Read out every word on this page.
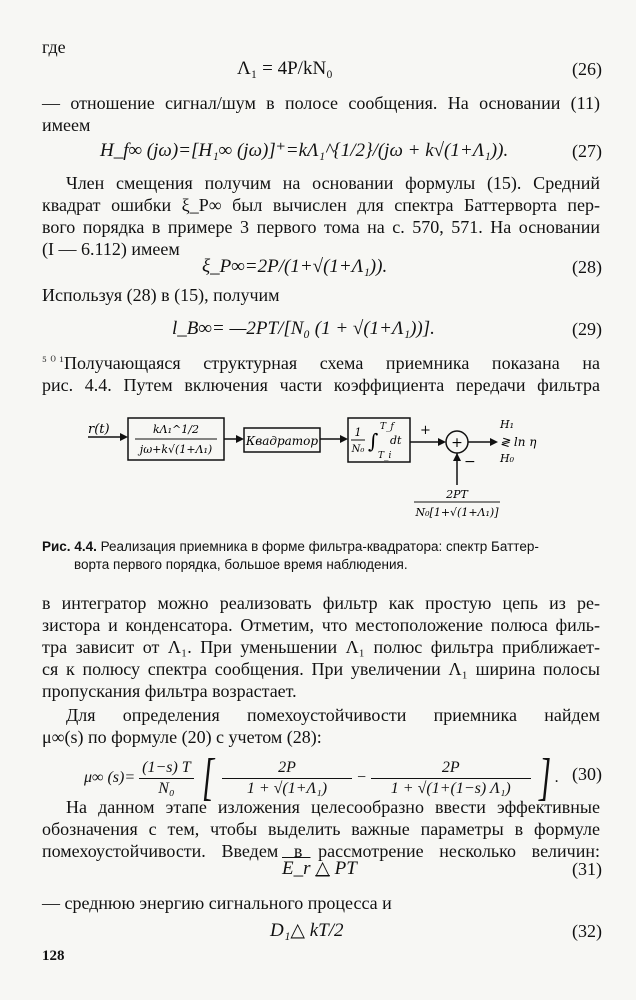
где
Λ₁ = 4P/kN₀	(26)
— отношение сигнал/шум в полосе сообщения. На основании (11)
имеем
H_f∞ (jω)=[H₁∞ (jω)]⁺=kΛ₁^{1/2}/(jω + k√(1+Λ₁)).	(27)
Член смещения получим на основании формулы (15). Средний
квадрат ошибки ξ_P∞ был вычислен для спектра Баттерворта пер-
вого порядка в примере 3 первого тома на с. 570, 571. На основании
(I — 6.112) имеем
ξ_P∞=2P/(1+√(1+Λ₁)).	(28)
Используя (28) в (15), получим
l_B∞= —2PT/[N₀ (1 + √(1+Λ₁))].	(29)
⁵ ⁰ ¹ Получающаяся структурная схема приемника показана на
рис. 4.4. Путем включения части коэффициента передачи фильтра
r(t)	kΛ₁^1/2
jω+k√(1+Λ₁)
Квадратор
1
N₀ ∫
T_f
T_i
dt
+
+
−
2PT
N₀[1+√(1+Λ₁)]
H₁
≷ ln η
H₀
Рис. 4.4. Реализация приемника в форме фильтра-квадратора: спектр Баттер-
ворта первого порядка, большое время наблюдения.
в интегратор можно реализовать фильтр как простую цепь из ре-
зистора и конденсатора. Отметим, что местоположение полюса филь-
тра зависит от Λ₁. При уменьшении Λ₁ полюс фильтра приближает-
ся к полюсу спектра сообщения. При увеличении Λ₁ ширина полосы
пропускания фильтра возрастает.
Для определения помехоустойчивости приемника найдем
μ∞(s) по формуле (20) с учетом (28):
μ∞ $(s)= \frac{(1-s) T}{\text{N₀}}$ [ $\frac{2P}{\text{1 + √(1+Λ₁)}} - \frac{2P}{\text{1 + √(1+(1−s) Λ₁)}}$ ] . (30)
На данном этапе изложения целесообразно ввести эффективные
обозначения с тем, чтобы выделить важные параметры в формуле
помехоустойчивости. Введем в рассмотрение несколько величин:
E_r △ PT	(31)
— среднюю энергию сигнального процесса и
D₁△ kT/2	(32)
128
